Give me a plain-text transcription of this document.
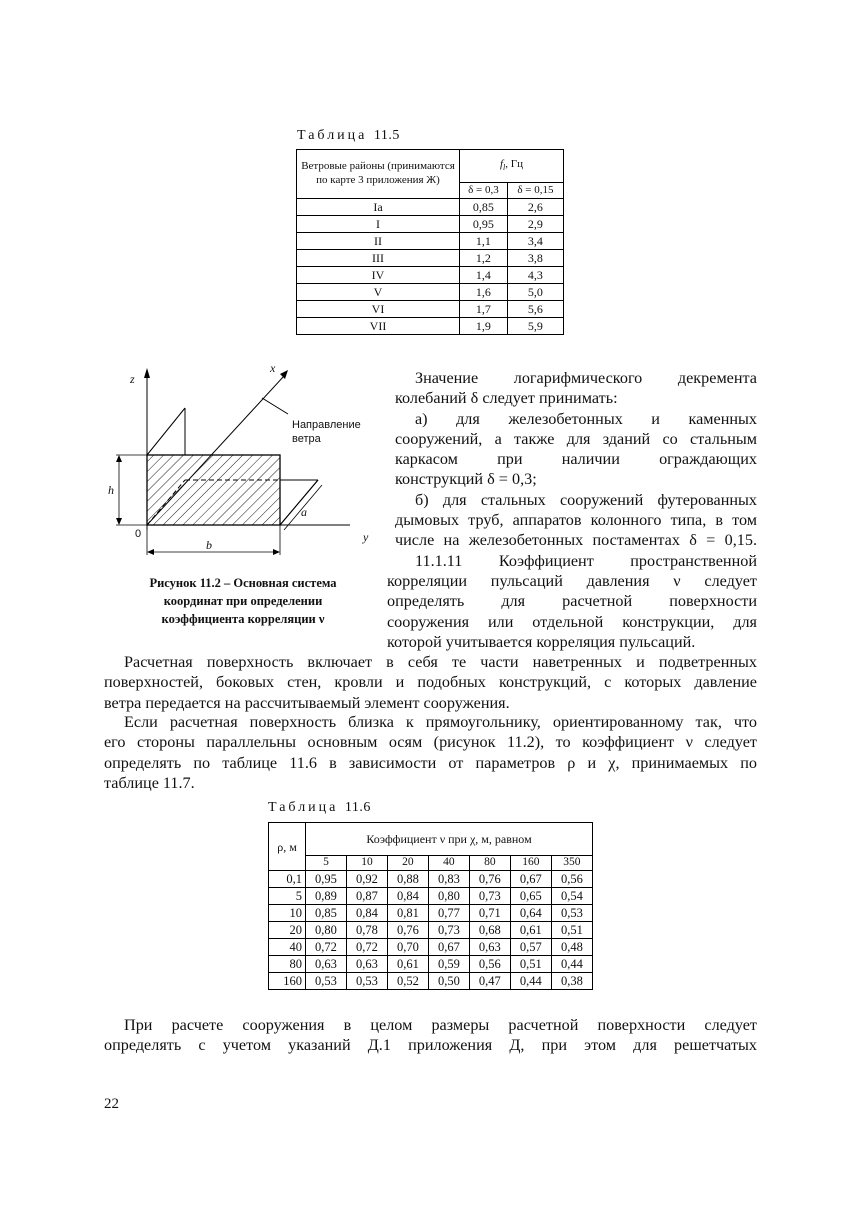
Таблица 11.5
Ветровые районы (принимаются по карте 3 приложения Ж)	$f_l$, Гц	
	δ = 0,3	δ = 0,15
Ia	0,85	2,6
I	0,95	2,9
II	1,1	3,4
III	1,2	3,8
IV	1,4	4,3
V	1,6	5,0
VI	1,7	5,6
VII	1,9	5,9
z
x
y
0
h
b
a
Направление
ветра
Рисунок 11.2 – Основная система
координат при определении
коэффициента корреляции ν
Значение логарифмического декремента
колебаний δ следует принимать:
а) для железобетонных и каменных
сооружений, а также для зданий со стальным
каркасом при наличии ограждающих
конструкций δ = 0,3;
б) для стальных сооружений футерованных
дымовых труб, аппаратов колонного типа, в том
числе на железобетонных постаментах δ = 0,15.
11.1.11 Коэффициент пространственной
корреляции пульсаций давления ν следует
определять для расчетной поверхности
сооружения или отдельной конструкции, для
которой учитывается корреляция пульсаций.
Расчетная поверхность включает в себя те части наветренных и подветренных
поверхностей, боковых стен, кровли и подобных конструкций, с которых давление
ветра передается на рассчитываемый элемент сооружения.
Если расчетная поверхность близка к прямоугольнику, ориентированному так, что
его стороны параллельны основным осям (рисунок 11.2), то коэффициент ν следует
определять по таблице 11.6 в зависимости от параметров ρ и χ, принимаемых по
таблице 11.7.
Таблица 11.6
ρ, м	Коэффициент ν при χ, м, равном						
	5	10	20	40	80	160	350
0,1	0,95	0,92	0,88	0,83	0,76	0,67	0,56
5	0,89	0,87	0,84	0,80	0,73	0,65	0,54
10	0,85	0,84	0,81	0,77	0,71	0,64	0,53
20	0,80	0,78	0,76	0,73	0,68	0,61	0,51
40	0,72	0,72	0,70	0,67	0,63	0,57	0,48
80	0,63	0,63	0,61	0,59	0,56	0,51	0,44
160	0,53	0,53	0,52	0,50	0,47	0,44	0,38
При расчете сооружения в целом размеры расчетной поверхности следует
определять с учетом указаний Д.1 приложения Д, при этом для решетчатых
22
